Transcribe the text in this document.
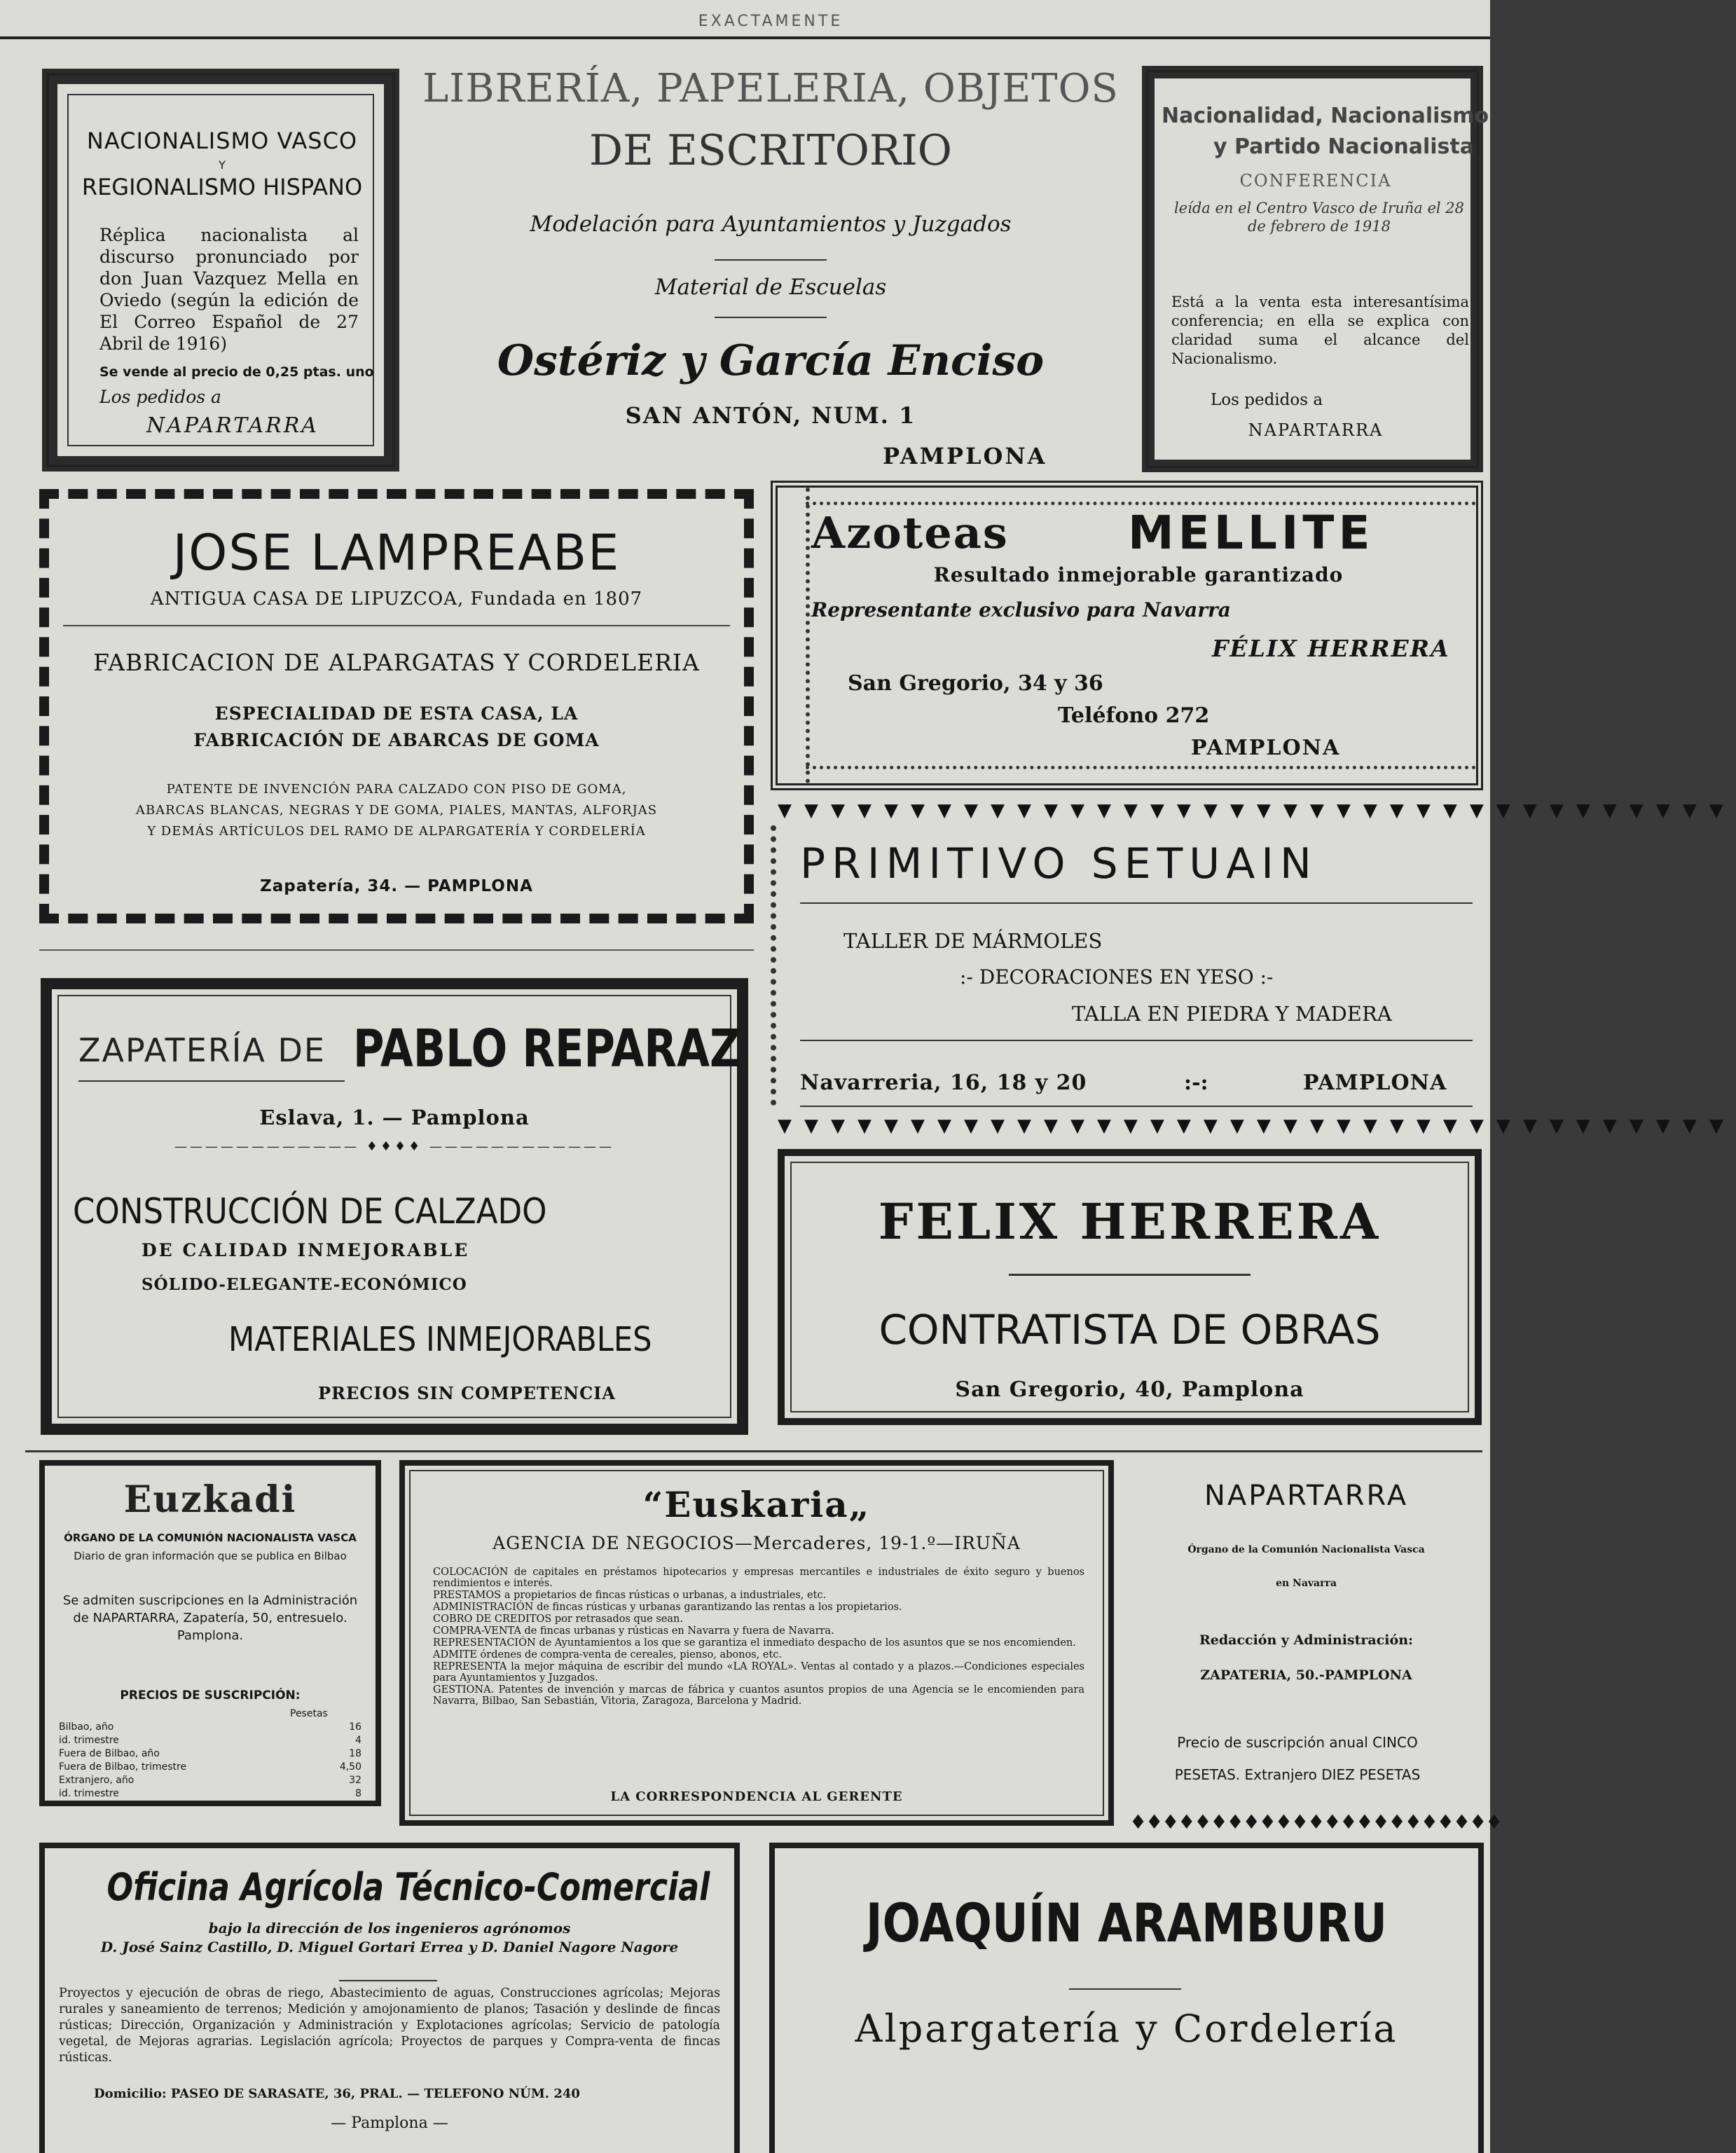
EXACTAMENTE
NACIONALISMO VASCO
Y
REGIONALISMO HISPANO
Réplica nacionalista al discurso pronunciado por don Juan Vazquez Mella en Oviedo (según la edición de El Correo Español de 27 Abril de 1916)
Se vende al precio de 0,25 ptas. uno
Los pedidos a
NAPARTARRA
LIBRERÍA, PAPELERIA, OBJETOS
DE ESCRITORIO
Modelación para Ayuntamientos y Juzgados
Material de Escuelas
Ostériz y García Enciso
SAN ANTÓN, NUM. 1
PAMPLONA
Nacionalidad, Nacionalismo
y Partido Nacionalista
CONFERENCIA
leída en el Centro Vasco de Iruña el 28 de febrero de 1918
Está a la venta esta interesantísima conferencia; en ella se explica con claridad suma el alcance del Nacionalismo.
Los pedidos a
NAPARTARRA
JOSE LAMPREABE
ANTIGUA CASA DE LIPUZCOA, Fundada en 1807
FABRICACION DE ALPARGATAS Y CORDELERIA
ESPECIALIDAD DE ESTA CASA, LA
FABRICACIÓN DE ABARCAS DE GOMA
PATENTE DE INVENCIÓN PARA CALZADO CON PISO DE GOMA,
ABARCAS BLANCAS, NEGRAS Y DE GOMA, PIALES, MANTAS, ALFORJAS
Y DEMÁS ARTÍCULOS DEL RAMO DE ALPARGATERÍA Y CORDELERÍA
Zapatería, 34. — PAMPLONA
Azoteas	MELLITE
Resultado inmejorable garantizado
Representante exclusivo para Navarra
FÉLIX HERRERA
San Gregorio, 34 y 36
Teléfono 272
PAMPLONA
▼▼▼▼▼▼▼▼▼▼▼▼▼▼▼▼▼▼▼▼▼▼▼▼▼▼▼▼▼▼▼▼▼▼▼▼
PRIMITIVO SETUAIN
TALLER DE MÁRMOLES
:- DECORACIONES EN YESO :-
TALLA EN PIEDRA Y MADERA
Navarreria, 16, 18 y 20	:-:	PAMPLONA
▼▼▼▼▼▼▼▼▼▼▼▼▼▼▼▼▼▼▼▼▼▼▼▼▼▼▼▼▼▼▼▼▼▼▼▼
ZAPATERÍA DE PABLO REPARAZ
Eslava, 1. — Pamplona
———————————— ♦♦♦♦ ————————————
CONSTRUCCIÓN DE CALZADO
DE CALIDAD INMEJORABLE
SÓLIDO-ELEGANTE-ECONÓMICO
MATERIALES INMEJORABLES
PRECIOS SIN COMPETENCIA
FELIX HERRERA
CONTRATISTA DE OBRAS
San Gregorio, 40, Pamplona
Euzkadi
ÓRGANO DE LA COMUNIÓN NACIONALISTA VASCA
Diario de gran información que se publica en Bilbao
Se admiten suscripciones en la Administración de NAPARTARRA, Zapatería, 50, entresuelo. Pamplona.
PRECIOS DE SUSCRIPCIÓN:
Pesetas
Bilbao, año	16
id. trimestre	4
Fuera de Bilbao, año	18
Fuera de Bilbao, trimestre	4,50
Extranjero, año	32
id. trimestre	8
“Euskaria„
AGENCIA DE NEGOCIOS—Mercaderes, 19-1.º—IRUÑA
COLOCACIÓN de capitales en préstamos hipotecarios y empresas mercantiles e industriales de éxito seguro y buenos rendimientos e interés.
PRESTAMOS a propietarios de fincas rústicas o urbanas, a industriales, etc.
ADMINISTRACIÓN de fincas rústicas y urbanas garantizando las rentas a los propietarios.
COBRO DE CREDITOS por retrasados que sean.
COMPRA-VENTA de fincas urbanas y rústicas en Navarra y fuera de Navarra.
REPRESENTACIÓN de Ayuntamientos a los que se garantiza el inmediato despacho de los asuntos que se nos encomienden.
ADMITE órdenes de compra-venta de cereales, pienso, abonos, etc.
REPRESENTA la mejor máquina de escribir del mundo «LA ROYAL». Ventas al contado y a plazos.—Condiciones especiales para Ayuntamientos y Juzgados.
GESTIONA. Patentes de invención y marcas de fábrica y cuantos asuntos propios de una Agencia se le encomienden para Navarra, Bilbao, San Sebastián, Vitoria, Zaragoza, Barcelona y Madrid.
LA CORRESPONDENCIA AL GERENTE
NAPARTARRA
Órgano de la Comunión Nacionalista Vasca
en Navarra
Redacción y Administración:
ZAPATERIA, 50.-PAMPLONA
Precio de suscripción anual CINCO PESETAS. Extranjero DIEZ PESETAS
♦♦♦♦♦♦♦♦♦♦♦♦♦♦♦♦♦♦♦♦♦♦♦
Oficina Agrícola Técnico-Comercial
bajo la dirección de los ingenieros agrónomos
D. José Sainz Castillo, D. Miguel Gortari Errea y D. Daniel Nagore Nagore
Proyectos y ejecución de obras de riego, Abastecimiento de aguas, Construcciones agrícolas; Mejoras rurales y saneamiento de terrenos; Medición y amojonamiento de planos; Tasación y deslinde de fincas rústicas; Dirección, Organización y Administración y Explotaciones agrícolas; Servicio de patología vegetal, de Mejoras agrarias. Legislación agrícola; Proyectos de parques y Compra-venta de fincas rústicas.
Domicilio: PASEO DE SARASATE, 36, PRAL. — TELEFONO NÚM. 240
— Pamplona —
JOAQUÍN ARAMBURU
Alpargatería y Cordelería
